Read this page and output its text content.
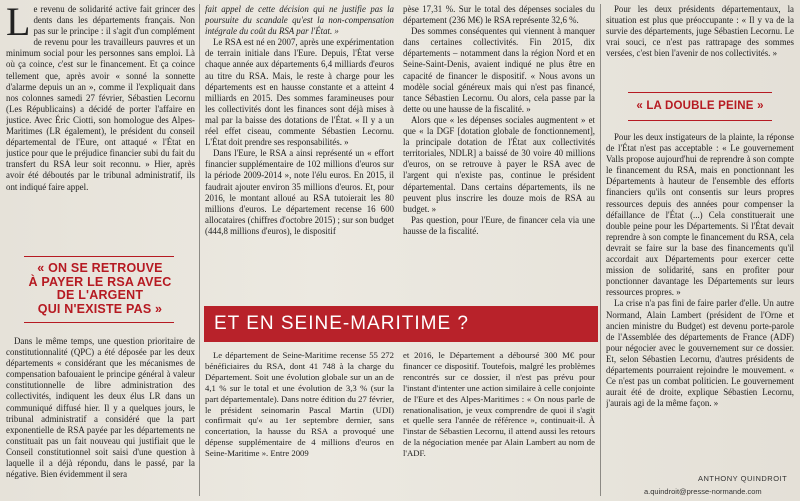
Le revenu de solidarité active fait grincer des dents dans les départements français. Non pas sur le principe : il s'agit d'un complément de revenu pour les travailleurs pauvres et un minimum social pour les personnes sans emploi. Là où ça coince, c'est sur le financement. Et ça coince tellement que, après avoir « sonné la sonnette d'alarme depuis un an », comme il l'expliquait dans nos colonnes samedi 27 février, Sébastien Lecornu (Les Républicains) a décidé de porter l'affaire en justice. Avec Éric Ciotti, son homologue des Alpes-Maritimes (LR également), le président du conseil départemental de l'Eure, ont attaqué « l'État en justice pour que le préjudice financier subi du fait du transfert du RSA leur soit reconnu. » Hier, après avoir été déboutés par le tribunal administratif, ils ont indiqué faire appel.

« ON SE RETROUVE
À PAYER LE RSA AVEC
DE L'ARGENT
QUI N'EXISTE PAS »

Dans le même temps, une question prioritaire de constitutionnalité (QPC) a été déposée par les deux départements « considérant que les mécanismes de compensation bafouaient le principe général à valeur constitutionnelle de libre administration des collectivités, indiquent les deux élus LR dans un communiqué diffusé hier. Il y a quelques jours, le tribunal administratif a considéré que la part exponentielle de RSA payée par les départements ne constituait pas un fait nouveau qui justifiait que le Conseil constitutionnel soit saisi d'une question à laquelle il a déjà répondu, dans le passé, par la négative. Bien évidemment il sera

fait appel de cette décision qui ne justifie pas la poursuite du scandale qu'est la non-compensation intégrale du coût du RSA par l'État. »

Le RSA est né en 2007, après une expérimentation de terrain initiale dans l'Eure. Depuis, l'État verse chaque année aux départements 6,4 milliards d'euros au titre du RSA. Mais, le reste à charge pour les départements est en hausse constante et a atteint 4 milliards en 2015. Des sommes faramineuses pour les collectivités dont les finances sont déjà mises à mal par la baisse des dotations de l'État. « Il y a un réel effet ciseau, commente Sébastien Lecornu. L'État doit prendre ses responsabilités. »

Dans l'Eure, le RSA a ainsi représenté un « effort financier supplémentaire de 102 millions d'euros sur la période 2009-2014 », note l'élu euros. En 2015, il faudrait ajouter environ 35 millions d'euros. Et, pour 2016, le montant alloué au RSA tutoierait les 80 millions d'euros. Le département recense 16 600 allocataires (chiffres d'octobre 2015) ; sur son budget (444,8 millions d'euros), le dispositif

pèse 17,31 %. Sur le total des dépenses sociales du département (236 M€) le RSA représente 32,6 %.

Des sommes conséquentes qui viennent à manquer dans certaines collectivités. Fin 2015, dix départements – notamment dans la région Nord et en Seine-Saint-Denis, avaient indiqué ne plus être en capacité de financer le dispositif. « Nous avons un modèle social généreux mais qui n'est pas financé, tance Sébastien Lecornu. Ou alors, cela passe par la dette ou une hausse de la fiscalité. »

Alors que « les dépenses sociales augmentent » et que « la DGF [dotation globale de fonctionnement], la principale dotation de l'État aux collectivités territoriales, NDLR] a baissé de 30 voire 40 millions d'euros, on se retrouve à payer le RSA avec de l'argent qui n'existe pas, continue le président départemental. Dans certains départements, ils ne peuvent plus inscrire les douze mois de RSA au budget. »

Pas question, pour l'Eure, de financer cela via une hausse de la fiscalité.

ET EN SEINE-MARITIME ?

Le département de Seine-Maritime recense 55 272 bénéficiaires du RSA, dont 41 748 à la charge du Département. Soit une évolution globale sur un an de 4,1 % sur le total et une évolution de 3,3 % (sur la part départementale). Dans notre édition du 27 février, le président seinomarin Pascal Martin (UDI) confirmait qu'« au 1er septembre dernier, sans concertation, la hausse du RSA a provoqué une dépense supplémentaire de 4 millions d'euros en Seine-Maritime ». Entre 2009

et 2016, le Département a déboursé 300 M€ pour financer ce dispositif. Toutefois, malgré les problèmes rencontrés sur ce dossier, il n'est pas prévu pour l'instant d'intenter une action similaire à celle conjointe de l'Eure et des Alpes-Maritimes : « On nous parle de renationalisation, je veux comprendre de quoi il s'agit et quelle sera l'année de référence », continuait-il. À l'instar de Sébastien Lecornu, il attend aussi les retours de la négociation menée par Alain Lambert au nom de l'ADF.

Pour les deux présidents départementaux, la situation est plus que préoccupante : « Il y va de la survie des départements, juge Sébastien Lecornu. Le vrai souci, ce n'est pas rattrapage des sommes versées, c'est bien l'avenir de nos collectivités. »

« LA DOUBLE PEINE »

Pour les deux instigateurs de la plainte, la réponse de l'État n'est pas acceptable : « Le gouvernement Valls propose aujourd'hui de reprendre à son compte le financement du RSA, mais en ponctionnant les Départements à hauteur de l'ensemble des efforts financiers qu'ils ont consentis sur leurs propres ressources depuis des années pour compenser la défaillance de l'État (...) Cela constituerait une double peine pour les Départements. Si l'État devait reprendre à son compte le financement du RSA, cela devrait se faire sur la base des financements qu'il accordait aux Départements pour exercer cette mission de solidarité, sans en profiter pour ponctionner davantage les Départements sur leurs ressources propres. »

La crise n'a pas fini de faire parler d'elle. Un autre Normand, Alain Lambert (président de l'Orne et ancien ministre du Budget) est devenu porte-parole de l'Assemblée des départements de France (ADF) pour négocier avec le gouvernement sur ce dossier. Et, selon Sébastien Lecornu, d'autres présidents de départements pourraient rejoindre le mouvement. « Ce n'est pas un combat politicien. Le gouvernement aurait été de droite, explique Sébastien Lecornu, j'aurais agi de la même façon. »

ANTHONY QUINDROIT
a.quindroit@presse-normande.com
